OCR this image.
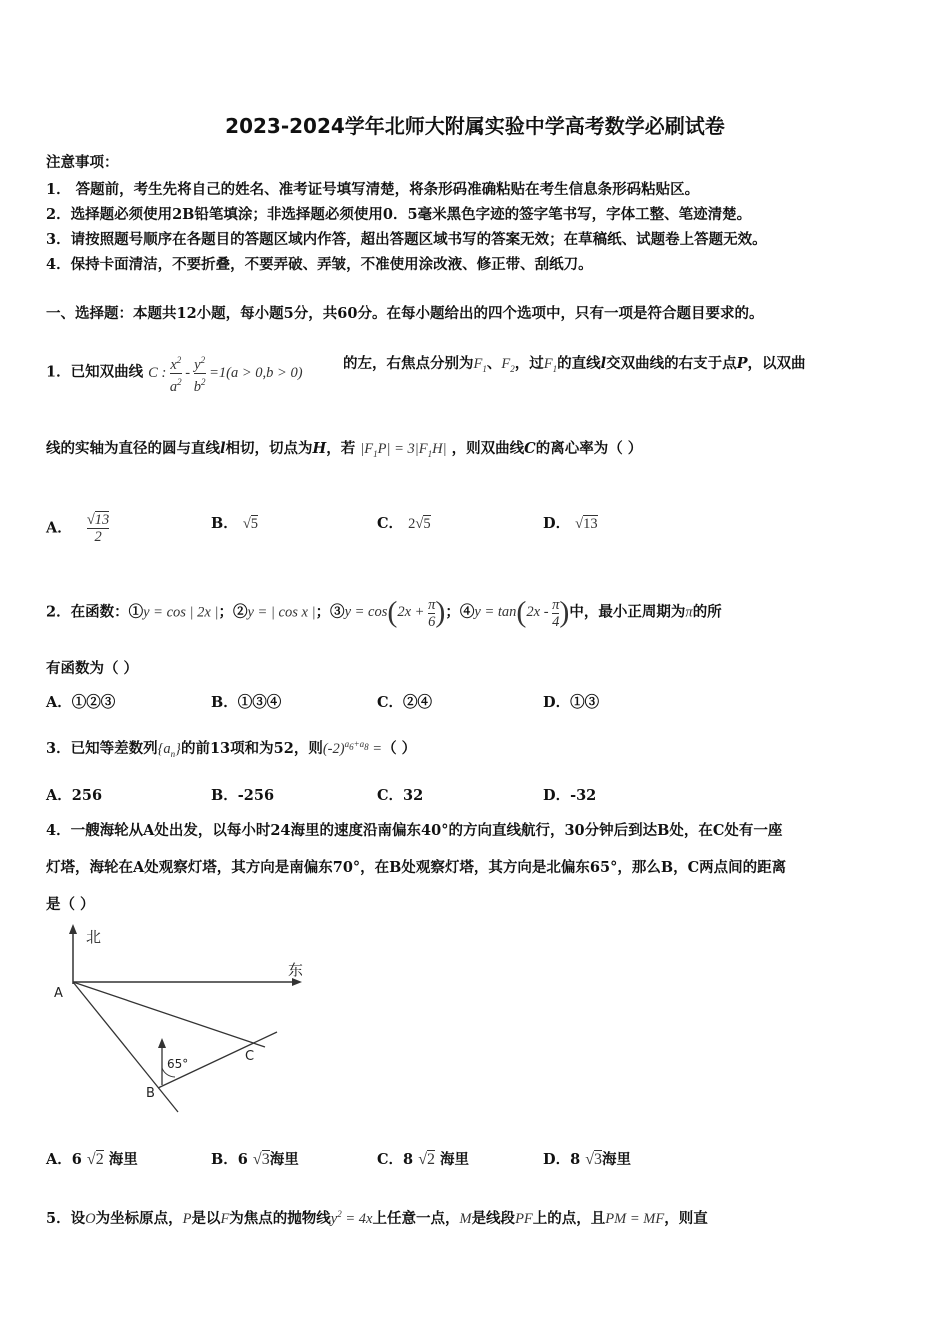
2023-2024学年北师大附属实验中学高考数学必刷试卷
注意事项：
1． 答题前，考生先将自己的姓名、准考证号填写清楚，将条形码准确粘贴在考生信息条形码粘贴区。
2．选择题必须使用2B铅笔填涂；非选择题必须使用0．5毫米黑色字迹的签字笔书写，字体工整、笔迹清楚。
3．请按照题号顺序在各题目的答题区域内作答，超出答题区域书写的答案无效；在草稿纸、试题卷上答题无效。
4．保持卡面清洁，不要折叠，不要弄破、弄皱，不准使用涂改液、修正带、刮纸刀。
一、选择题：本题共12小题，每小题5分，共60分。在每小题给出的四个选项中，只有一项是符合题目要求的。
1．已知双曲线 C : $\frac{x^2}{a^2} - \frac{y^2}{b^2} =1(a > 0,b > 0)$
的左，右焦点分别为$F_1$、$F_2$，过$F_1$的直线l交双曲线的右支于点P，以双曲
线的实轴为直径的圆与直线l相切，切点为H，若 $|F_1P| = 3|F_1H|$ ，则双曲线C的离心率为（ ）
A． $\frac{√13}{2}$	B． √5	C． 2√5	D． √13
2．在函数：①y = cos | 2x |；②y = | cos x |；③y = $\cos(2x + \frac{\pi}{6}$ )；④y = $\tan(2x - \frac{\pi}{4}$ )中，最小正周期为π的所
有函数为（ ）
A．①②③	B．①③④	C．②④	D．①③
3．已知等差数列$\{a_n\}$的前13项和为52，则$(-2)^{a_6+a_8}$ =（ ）
A．256	B．-256	C．32	D．-32
4．一艘海轮从A处出发，以每小时24海里的速度沿南偏东40°的方向直线航行，30分钟后到达B处，在C处有一座
灯塔，海轮在A处观察灯塔，其方向是南偏东70°，在B处观察灯塔，其方向是北偏东65°，那么B，C两点间的距离
是（ ）
北
东
A
B
C
65°
A．6 √2 海里	B．6 √3海里	C．8 √2 海里	D．8 √3海里
5．设O为坐标原点，P是以F为焦点的抛物线$y^2 = 4x$上任意一点，M是线段PF上的点，且PM = MF，则直
